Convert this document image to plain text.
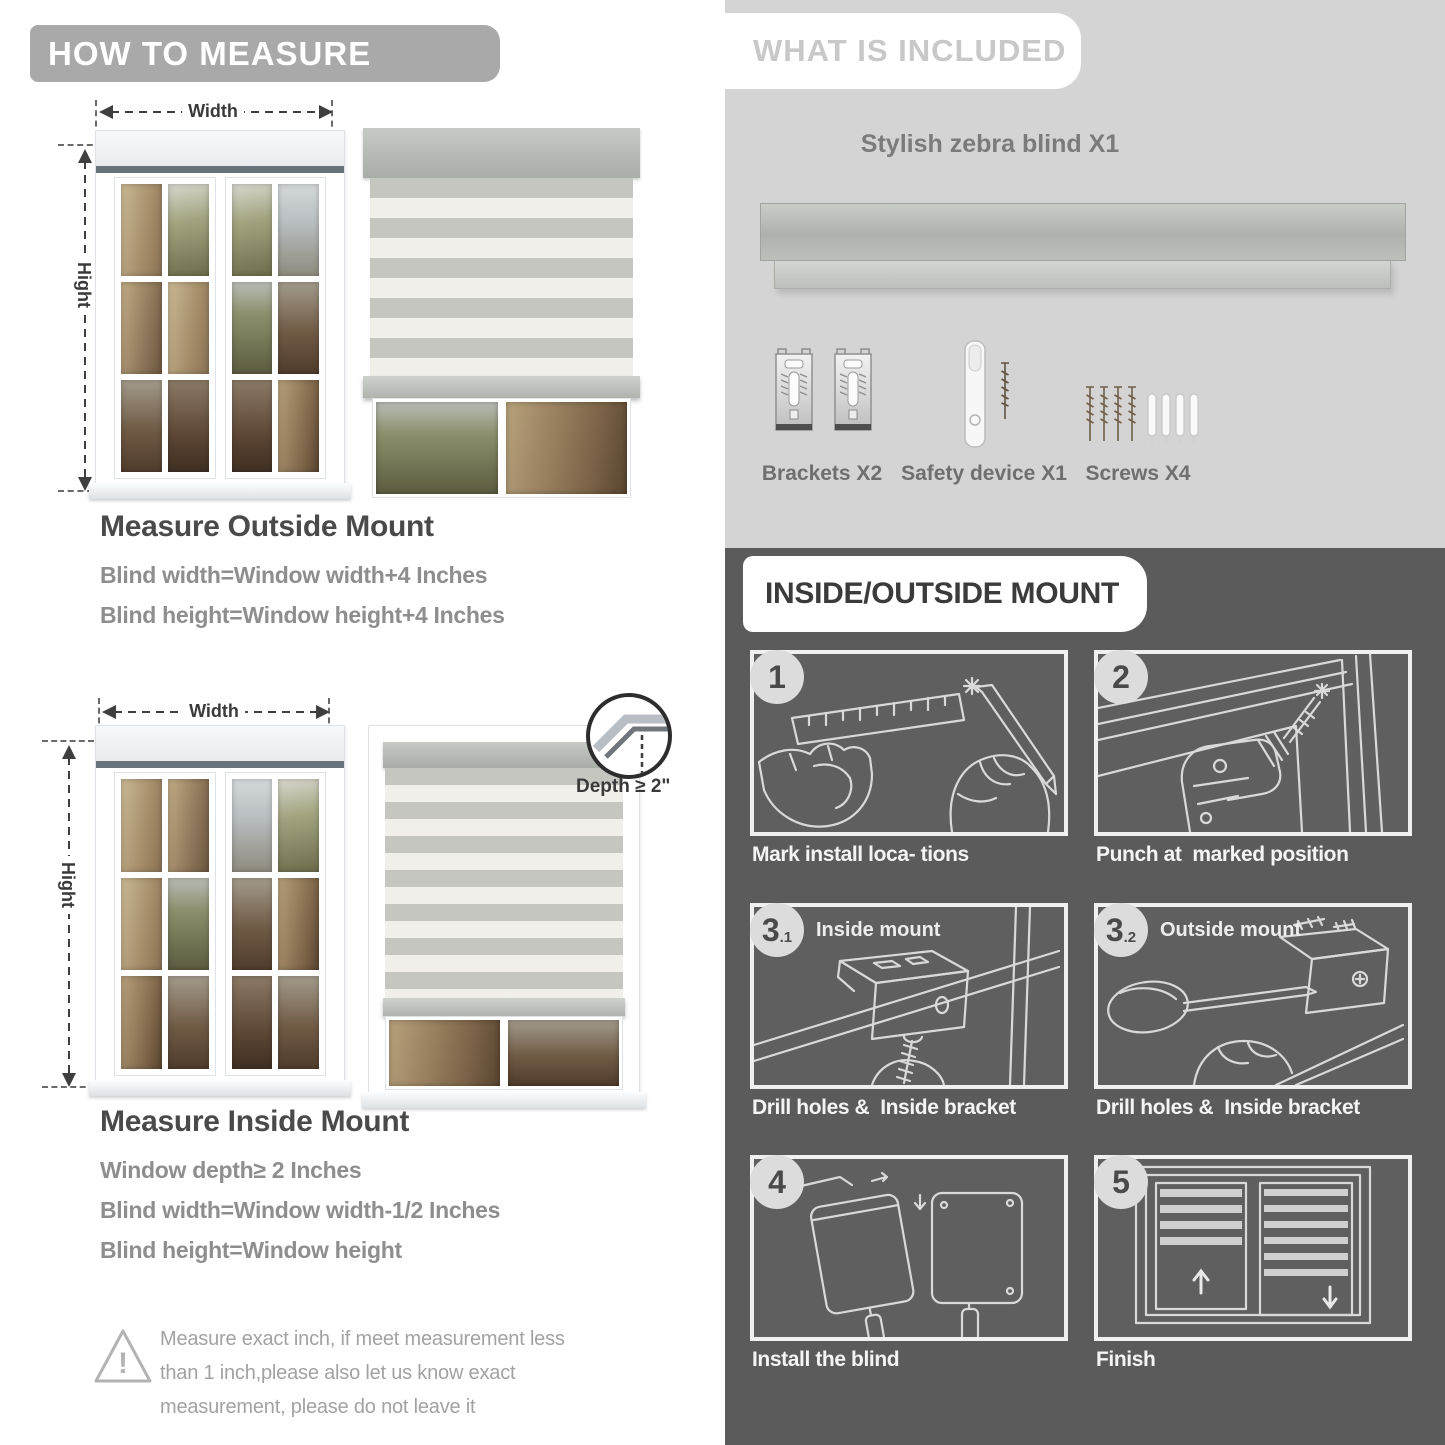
HOW TO MEASURE
Width
Hight
Measure Outside Mount
Blind width=Window width+4 Inches
Blind height=Window height+4 Inches
Width
Hight
Depth ≥ 2"
Measure Inside Mount
Window depth≥ 2 Inches
Blind width=Window width-1/2 Inches
Blind height=Window height
!
Measure exact inch, if meet measurement less
than 1 inch,please also let us know exact
measurement, please do not leave it
WHAT IS INCLUDED
Stylish zebra blind X1
Brackets X2 Safety device X1 Screws X4
INSIDE/OUTSIDE MOUNT
1
Mark install loca- tions
2
Punch at  marked position
3 .1 Inside mount
Drill holes &  Inside bracket
3 .2 Outside mount
Drill holes &  Inside bracket
4
Install the blind
5
Finish
